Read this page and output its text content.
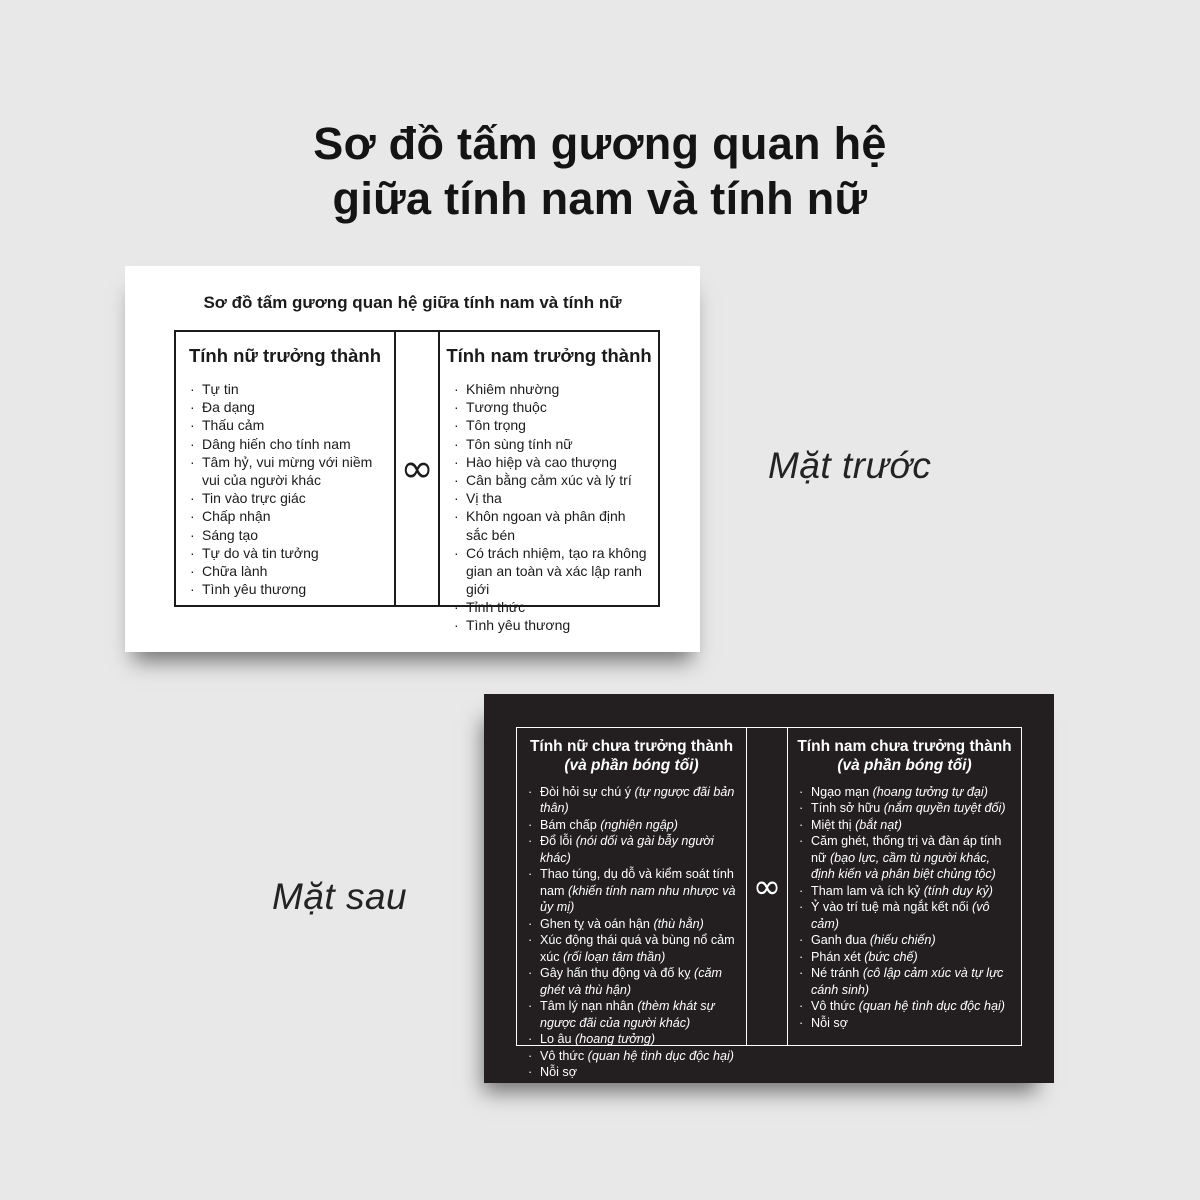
Sơ đồ tấm gương quan hệ
giữa tính nam và tính nữ
Sơ đồ tấm gương quan hệ giữa tính nam và tính nữ
Tính nữ trưởng thành
· Tự tin
· Đa dạng
· Thấu cảm
· Dâng hiến cho tính nam
· Tâm hỷ, vui mừng với niềm vui của người khác
· Tin vào trực giác
· Chấp nhận
· Sáng tạo
· Tự do và tin tưởng
· Chữa lành
· Tình yêu thương
∞
Tính nam trưởng thành
· Khiêm nhường
· Tương thuộc
· Tôn trọng
· Tôn sùng tính nữ
· Hào hiệp và cao thượng
· Cân bằng cảm xúc và lý trí
· Vị tha
· Khôn ngoan và phân định sắc bén
· Có trách nhiệm, tạo ra không gian an toàn và xác lập ranh giới
· Tỉnh thức
· Tình yêu thương
Mặt trước
Tính nữ chưa trưởng thành
(và phần bóng tối)
· Đòi hỏi sự chú ý (tự ngược đãi bản thân)
· Bám chấp (nghiện ngập)
· Đổ lỗi (nói dối và gài bẫy người khác)
· Thao túng, dụ dỗ và kiểm soát tính nam (khiến tính nam nhu nhược và ủy mị)
· Ghen tỵ và oán hận (thù hằn)
· Xúc động thái quá và bùng nổ cảm xúc (rối loạn tâm thần)
· Gây hấn thụ động và đố kỵ (căm ghét và thù hận)
· Tâm lý nạn nhân (thèm khát sự ngược đãi của người khác)
· Lo âu (hoang tưởng)
· Vô thức (quan hệ tình dục độc hại)
· Nỗi sợ
∞
Tính nam chưa trưởng thành
(và phần bóng tối)
· Ngạo mạn (hoang tưởng tự đại)
· Tính sở hữu (nắm quyền tuyệt đối)
· Miệt thị (bắt nạt)
· Căm ghét, thống trị và đàn áp tính nữ (bạo lực, cầm tù người khác, định kiến và phân biệt chủng tộc)
· Tham lam và ích kỷ (tính duy kỷ)
· Ỷ vào trí tuệ mà ngắt kết nối (vô cảm)
· Ganh đua (hiếu chiến)
· Phán xét (bức chế)
· Né tránh (cô lập cảm xúc và tự lực cánh sinh)
· Vô thức (quan hệ tình dục độc hại)
· Nỗi sợ
Mặt sau
